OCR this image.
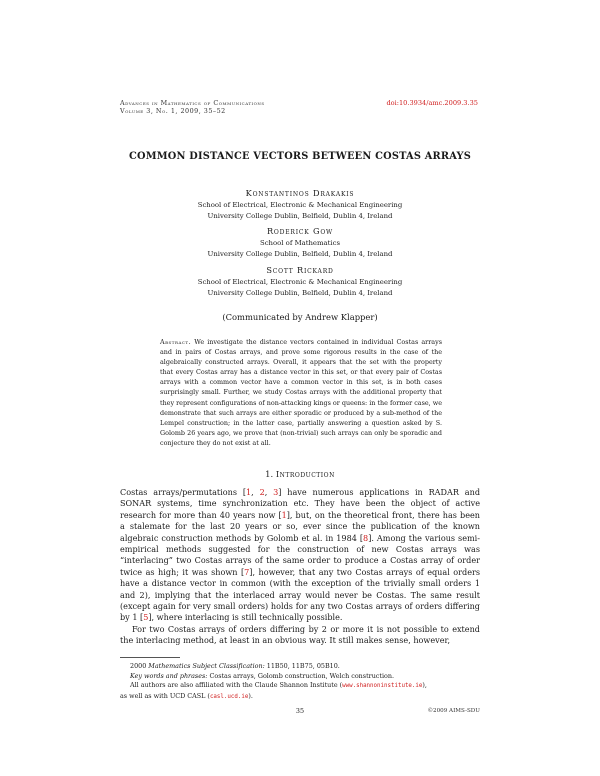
Advances in Mathematics of Communications
Volume 3, No. 1, 2009, 35–52
doi:10.3934/amc.2009.3.35
COMMON DISTANCE VECTORS BETWEEN COSTAS ARRAYS
Konstantinos Drakakis
School of Electrical, Electronic & Mechanical Engineering
University College Dublin, Belfield, Dublin 4, Ireland
Roderick Gow
School of Mathematics
University College Dublin, Belfield, Dublin 4, Ireland
Scott Rickard
School of Electrical, Electronic & Mechanical Engineering
University College Dublin, Belfield, Dublin 4, Ireland
(Communicated by Andrew Klapper)
Abstract. We investigate the distance vectors contained in individual Costas arrays and in pairs of Costas arrays, and prove some rigorous results in the case of the algebraically constructed arrays. Overall, it appears that the set with the property that every Costas array has a distance vector in this set, or that every pair of Costas arrays with a common vector have a common vector in this set, is in both cases surprisingly small. Further, we study Costas arrays with the additional property that they represent configurations of non-attacking kings or queens: in the former case, we demonstrate that such arrays are either sporadic or produced by a sub-method of the Lempel construction; in the latter case, partially answering a question asked by S. Golomb 26 years ago, we prove that (non-trivial) such arrays can only be sporadic and conjecture they do not exist at all.
1. Introduction

Costas arrays/permutations [1, 2, 3] have numerous applications in RADAR and SONAR systems, time synchronization etc. They have been the object of active research for more than 40 years now [1], but, on the theoretical front, there has been a stalemate for the last 20 years or so, ever since the publication of the known algebraic construction methods by Golomb et al. in 1984 [8]. Among the various semi-empirical methods suggested for the construction of new Costas arrays was “interlacing” two Costas arrays of the same order to produce a Costas array of order twice as high; it was shown [7], however, that any two Costas arrays of equal orders have a distance vector in common (with the exception of the trivially small orders 1 and 2), implying that the interlaced array would never be Costas. The same result (except again for very small orders) holds for any two Costas arrays of orders differing by 1 [5], where interlacing is still technically possible.

For two Costas arrays of orders differing by 2 or more it is not possible to extend the interlacing method, at least in an obvious way. It still makes sense, however,

2000 Mathematics Subject Classification: 11B50, 11B75, 05B10.
Key words and phrases: Costas arrays, Golomb construction, Welch construction.
All authors are also affiliated with the Claude Shannon Institute (www.shannoninstitute.ie),
as well as with UCD CASL (casl.ucd.ie).
35	©2009 AIMS-SDU
